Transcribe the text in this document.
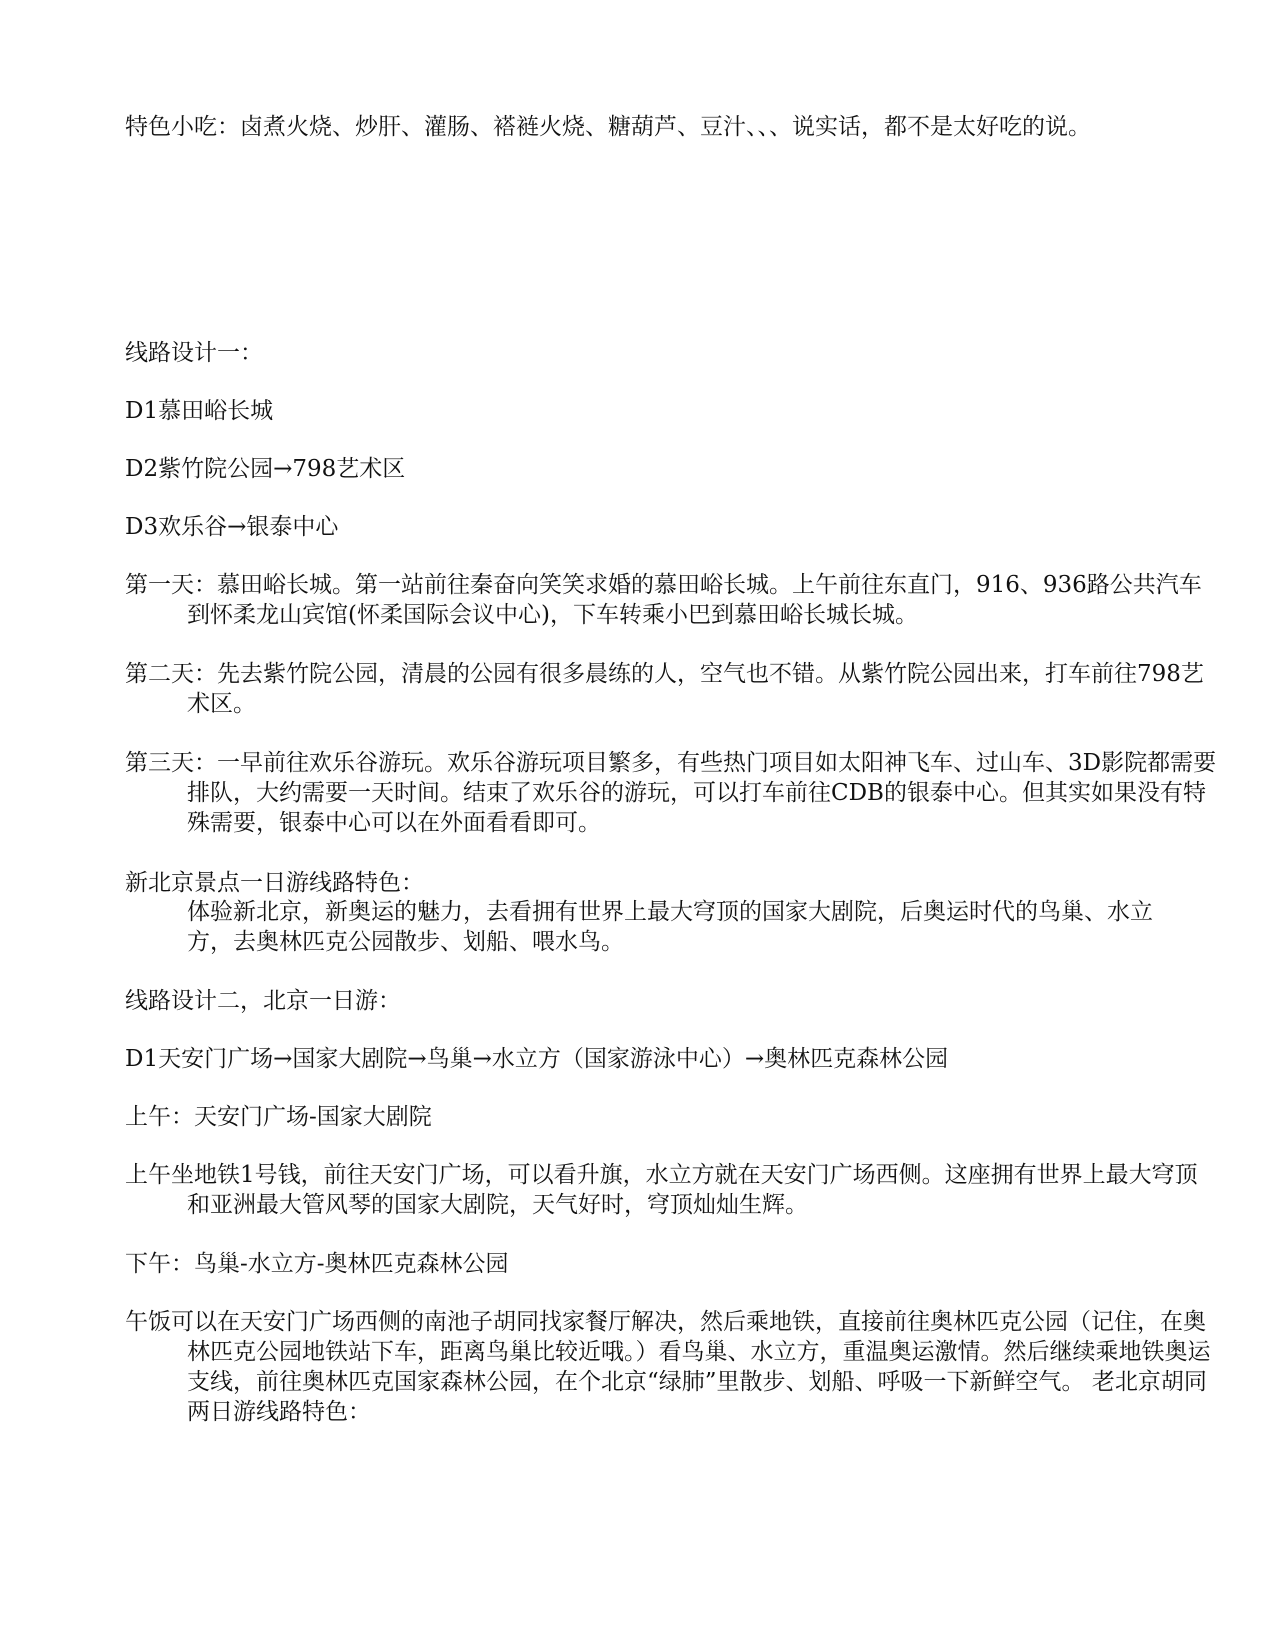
特色小吃：卤煮火烧、炒肝、灌肠、褡裢火烧、糖葫芦、豆汁、、、说实话，都不是太好吃的说。

线路设计一：

D1慕田峪长城

D2紫竹院公园→798艺术区

D3欢乐谷→银泰中心

第一天：慕田峪长城。第一站前往秦奋向笑笑求婚的慕田峪长城。上午前往东直门，916、936路公共汽车到怀柔龙山宾馆(怀柔国际会议中心)，下车转乘小巴到慕田峪长城长城。

第二天：先去紫竹院公园，清晨的公园有很多晨练的人，空气也不错。从紫竹院公园出来，打车前往798艺术区。

第三天：一早前往欢乐谷游玩。欢乐谷游玩项目繁多，有些热门项目如太阳神飞车、过山车、3D影院都需要排队，大约需要一天时间。结束了欢乐谷的游玩，可以打车前往CDB的银泰中心。但其实如果没有特殊需要，银泰中心可以在外面看看即可。

新北京景点一日游线路特色：

体验新北京，新奥运的魅力，去看拥有世界上最大穹顶的国家大剧院，后奥运时代的鸟巢、水立方，去奥林匹克公园散步、划船、喂水鸟。

线路设计二，北京一日游：

D1天安门广场→国家大剧院→鸟巢→水立方（国家游泳中心）→奥林匹克森林公园

上午：天安门广场-国家大剧院

上午坐地铁1号钱，前往天安门广场，可以看升旗，水立方就在天安门广场西侧。这座拥有世界上最大穹顶和亚洲最大管风琴的国家大剧院，天气好时，穹顶灿灿生辉。

下午：鸟巢-水立方-奥林匹克森林公园

午饭可以在天安门广场西侧的南池子胡同找家餐厅解决，然后乘地铁，直接前往奥林匹克公园（记住，在奥林匹克公园地铁站下车，距离鸟巢比较近哦。）看鸟巢、水立方，重温奥运激情。然后继续乘地铁奥运支线，前往奥林匹克国家森林公园，在个北京“绿肺”里散步、划船、呼吸一下新鲜空气。 老北京胡同两日游线路特色：
